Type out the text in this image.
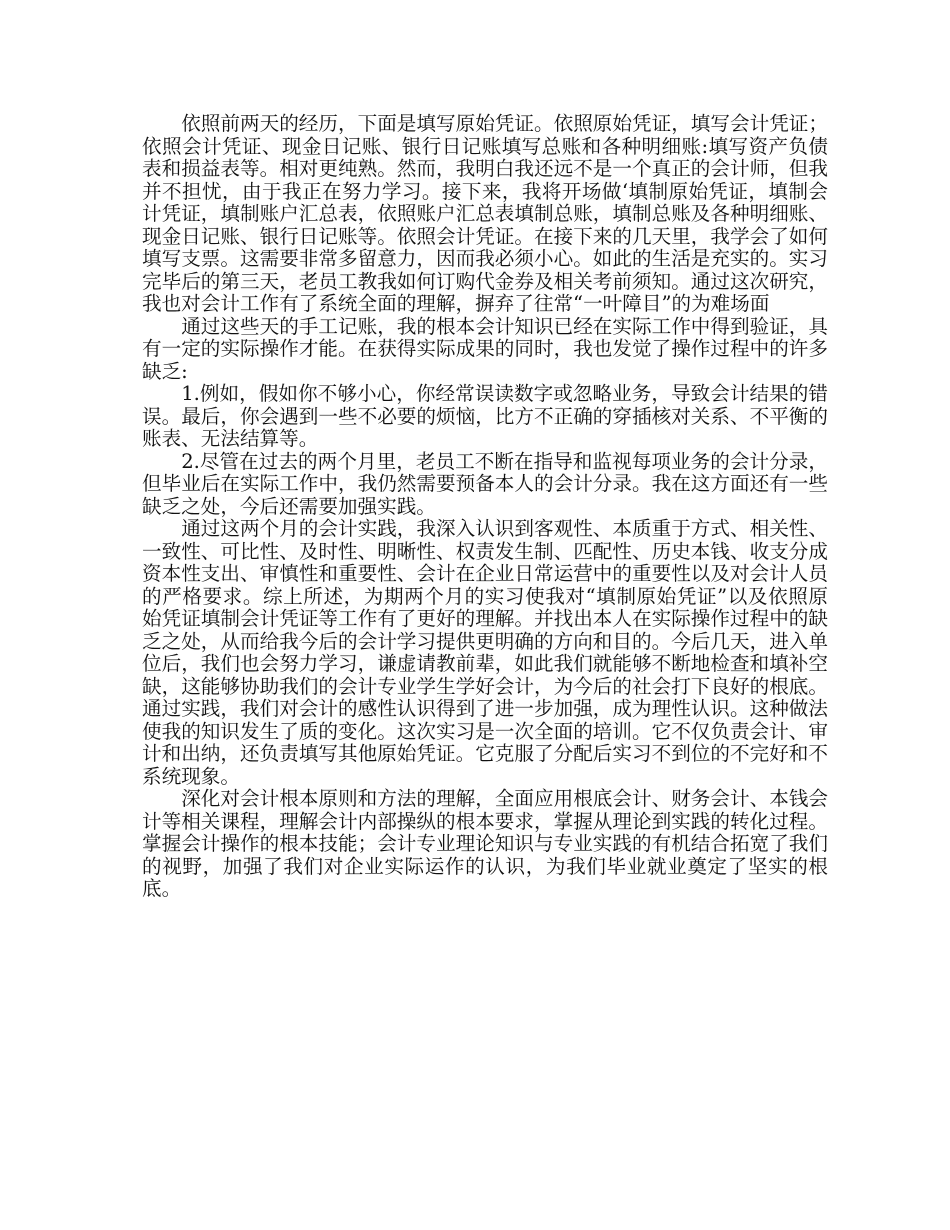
依照前两天的经历，下面是填写原始凭证。依照原始凭证，填写会计凭证；依照会计凭证、现金日记账、银行日记账填写总账和各种明细账:填写资产负债表和损益表等。相对更纯熟。然而，我明白我还远不是一个真正的会计师，但我并不担忧，由于我正在努力学习。接下来，我将开场做‘填制原始凭证，填制会计凭证，填制账户汇总表，依照账户汇总表填制总账，填制总账及各种明细账、现金日记账、银行日记账等。依照会计凭证。在接下来的几天里，我学会了如何填写支票。这需要非常多留意力，因而我必须小心。如此的生活是充实的。实习完毕后的第三天，老员工教我如何订购代金券及相关考前须知。通过这次研究，我也对会计工作有了系统全面的理解，摒弃了往常“一叶障目”的为难场面

通过这些天的手工记账，我的根本会计知识已经在实际工作中得到验证，具有一定的实际操作才能。在获得实际成果的同时，我也发觉了操作过程中的许多缺乏:

1.例如，假如你不够小心，你经常误读数字或忽略业务，导致会计结果的错误。最后，你会遇到一些不必要的烦恼，比方不正确的穿插核对关系、不平衡的账表、无法结算等。

2.尽管在过去的两个月里，老员工不断在指导和监视每项业务的会计分录，但毕业后在实际工作中，我仍然需要预备本人的会计分录。我在这方面还有一些缺乏之处，今后还需要加强实践。

通过这两个月的会计实践，我深入认识到客观性、本质重于方式、相关性、一致性、可比性、及时性、明晰性、权责发生制、匹配性、历史本钱、收支分成资本性支出、审慎性和重要性、会计在企业日常运营中的重要性以及对会计人员的严格要求。综上所述，为期两个月的实习使我对“填制原始凭证”以及依照原始凭证填制会计凭证等工作有了更好的理解。并找出本人在实际操作过程中的缺乏之处，从而给我今后的会计学习提供更明确的方向和目的。今后几天，进入单位后，我们也会努力学习，谦虚请教前辈，如此我们就能够不断地检查和填补空缺，这能够协助我们的会计专业学生学好会计，为今后的社会打下良好的根底。通过实践，我们对会计的感性认识得到了进一步加强，成为理性认识。这种做法使我的知识发生了质的变化。这次实习是一次全面的培训。它不仅负责会计、审计和出纳，还负责填写其他原始凭证。它克服了分配后实习不到位的不完好和不系统现象。

深化对会计根本原则和方法的理解，全面应用根底会计、财务会计、本钱会计等相关课程，理解会计内部操纵的根本要求，掌握从理论到实践的转化过程。掌握会计操作的根本技能；会计专业理论知识与专业实践的有机结合拓宽了我们的视野，加强了我们对企业实际运作的认识，为我们毕业就业奠定了坚实的根底。
